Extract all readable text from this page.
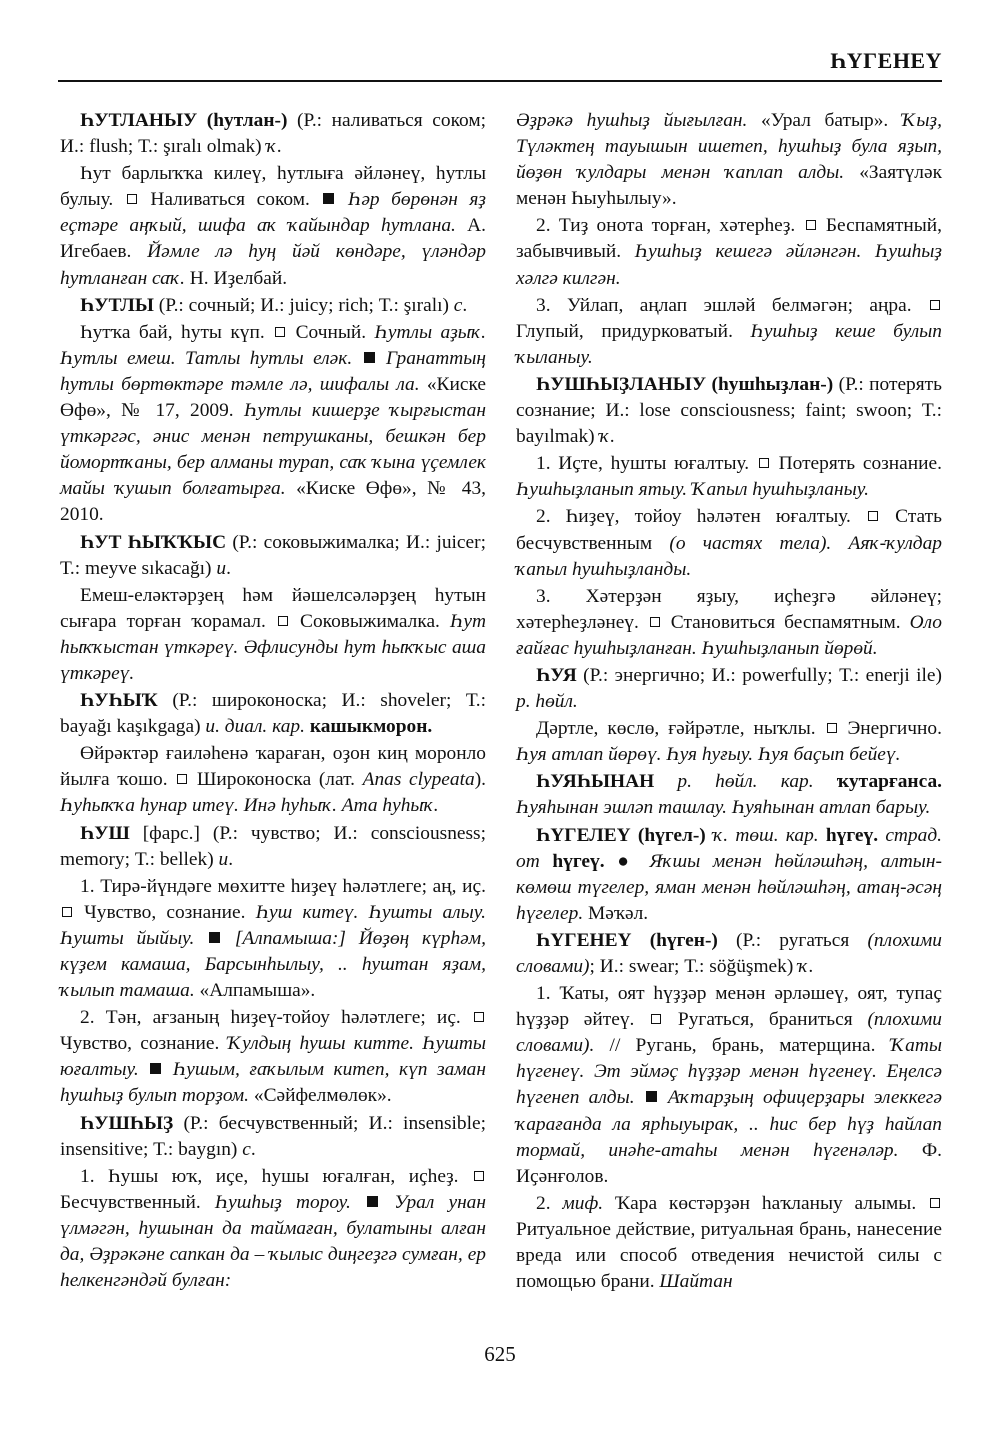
ҺҮГЕНЕҮ

ҺУТЛАНЫУ (һутлан-) (Р.: наливаться соком; И.: flush; Т.: şıralı olmak) ҡ.

Һут барлыҡҡа килеү, һутлыға әйләнеү, һутлы булыу.  Наливаться соком.  Һәр бөрөнән яҙ еҫтәре аңҡый, шифа аҡ ҡайындар һутлана. А. Игебаев. Йәмле лә һуң йәй көндәре, үләндәр һутланған саҡ. Н. Иҙелбай.

ҺУТЛЫ (Р.: сочный; И.: juicy; rich; Т.: şıralı) с.

Һутҡа бай, һуты күп.  Сочный. Һутлы аҙыҡ. Һутлы емеш. Татлы һутлы еләк. Гранаттың һутлы бөртөктәре тәмле лә, шифалы ла. «Киске Өфө», № 17, 2009. Һутлы кишерҙе ҡырғыстан үткәргәс, әнис менән петрушканы, бешкән бер йомортҡаны, бер алманы турап, саҡ ҡына үҫемлек майы ҡушып болғатырға. «Киске Өфө», № 43, 2010.

ҺУТ ҺЫҠҠЫС (Р.: соковыжималка; И.: juicer; Т.: meyve sıkacağı) и.

Емеш-еләктәрҙең һәм йәшелсәләрҙең һутын сығара торған ҡорамал.  Соковыжималка. Һут һыҡҡыстан үткәреү. Әфлисунды һут һыҡҡыс аша үткәреү.

ҺУҺЫҠ (Р.: широконоска; И.: shoveler; Т.: bayağı kaşıkgaga) и. диал. кар. кашыкморон.

Өйрәктәр ғаиләһенә ҡараған, оҙон киң моронло йылға ҡошо.  Широконоска (лат. Anas clypeata). Һуһыҡҡа һунар итеү. Инә һуһыҡ. Ата һуһыҡ.

ҺУШ [фарс.] (Р.: чувство; И.: consciousness; memory; Т.: bellek) и.

1. Тирә-йүндәге мөхитте һиҙеү һәләтлеге; аң, иҫ.  Чувство, сознание. Һуш китеү. Һушты алыу. Һушты йыйыу. [Алпамыша:] Йөҙөң күрһәм, күҙем камаша, Барсынһылыу, .. һуштан яҙам, ҡылып тамаша. «Алпамыша».

2. Тән, ағзаның һиҙеү-тойоу һәләтлеге; иҫ.  Чувство, сознание. Ҡулдың һушы китте. Һушты юғалтыу. Һушым, ғаҡылым китеп, күп заман һушһыҙ булып торҙом. «Сәйфелмөлөк».

ҺУШҺЫҘ (Р.: бесчувственный; И.: insensible; insensitive; Т.: baygın) с.

1. Һушы юҡ, иҫе, һушы юғалған, иҫһеҙ.  Бесчувственный. Һушһыҙ тороу. Урал унан үлмәгән, һушынан да таймаған, булатыны алған да, Әҙрәкәне сапкан да – ҡылыс диңгеҙгә сумған, ер һелкенгәндәй булған:

Әҙрәкә һушһыҙ йығылған. «Урал батыр». Ҡыҙ, Түләктең тауышын ишетеп, һушһыҙ була яҙып, йөҙөн ҡулдары менән ҡаплап алды. «Заятүләк менән Һыуһылыу».

2. Тиҙ онота торған, хәтерһеҙ.  Беспамятный, забывчивый. Һушһыҙ кешегә әйләнгән. Һушһыҙ хәлгә килгән.

3. Уйлап, аңлап эшләй белмәгән; аңра.  Глупый, придурковатый. Һушһыҙ кеше булып ҡыланыу.

ҺУШҺЫҘЛАНЫУ (һушһыҙлан-) (Р.: потерять сознание; И.: lose consciousness; faint; swoon; Т.: bayılmak) ҡ.

1. Иҫте, һушты юғалтыу.  Потерять сознание. Һушһыҙланып ятыу. Ҡапыл һушһыҙланыу.

2. Һиҙеү, тойоу һәләтен юғалтыу.  Стать бесчувственным (о частях тела). Аяҡ-ҡулдар ҡапыл һушһыҙланды.

3. Хәтерҙән яҙыу, иҫһеҙгә әйләнеү; хәтерһеҙләнеү.  Становиться беспамятным. Оло ғайғас һушһыҙланған. Һушһыҙланып йөрөй.

ҺУЯ (Р.: энергично; И.: powerfully; Т.: enerji ile) р. һөйл.

Дәртле, көслө, ғәйрәтле, ныҡлы.  Энергично. Һуя атлап йөрөү. Һуя һуғыу. Һуя баҫып бейеү.

ҺУЯҺЫНАН р. һөйл. кар. ҡутарғанса. Һуяһынан эшләп ташлау. Һуяһынан атлап барыу.

ҺҮГЕЛЕҮ (һүгел-) ҡ. төш. кар. һүгеү. страд. от һүгеү. ● Яҡшы менән һөйләшһәң, алтын-көмөш түгелер, яман менән һөйләшһәң, атаң-әсәң һүгелер. Мәҡәл.

ҺҮГЕНЕҮ (һүген-) (Р.: ругаться (плохими словами); И.: swear; Т.: söğüşmek) ҡ.

1. Ҡаты, оят һүҙҙәр менән әрләшеү, оят, тупаҫ һүҙҙәр әйтеү.  Ругаться, браниться (плохими словами). // Ругань, брань, матерщина. Ҡаты һүгенеү. Эт эймәҫ һүҙҙәр менән һүгенеү. Еңелсә һүгенеп алды. Аҡтарҙың офицерҙары элеккегә ҡарағанда ла ярһыуырак, .. һис бер һүҙ һайлап тормай, инәһе-атаһы менән һүгенәләр. Ф. Иҫәнғолов.

2. миф. Ҡара көстәрҙән һаҡланыу алымы.  Ритуальное действие, ритуальная брань, нанесение вреда или способ отведения нечистой силы с помощью брани. Шайтан

625
